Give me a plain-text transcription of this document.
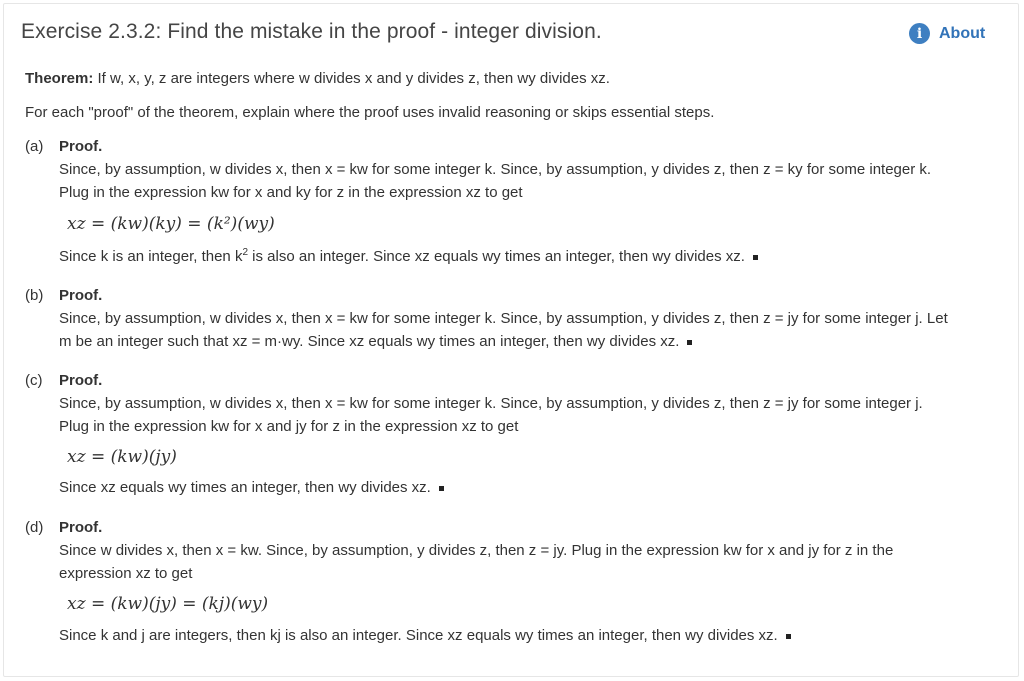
Exercise 2.3.2: Find the mistake in the proof - integer division.	i	About
Theorem: If w, x, y, z are integers where w divides x and y divides z, then wy divides xz.
For each "proof" of the theorem, explain where the proof uses invalid reasoning or skips essential steps.
(a) Proof.
Since, by assumption, w divides x, then x = kw for some integer k. Since, by assumption, y divides z, then z = ky for some integer k.
Plug in the expression kw for x and ky for z in the expression xz to get
xz = (kw)(ky) = (k²)(wy)
Since k is an integer, then $k^2$ is also an integer. Since xz equals wy times an integer, then wy divides xz.
(b) Proof.
Since, by assumption, w divides x, then x = kw for some integer k. Since, by assumption, y divides z, then z = jy for some integer j. Let
m be an integer such that xz = m·wy. Since xz equals wy times an integer, then wy divides xz.
(c) Proof.
Since, by assumption, w divides x, then x = kw for some integer k. Since, by assumption, y divides z, then z = jy for some integer j.
Plug in the expression kw for x and jy for z in the expression xz to get
xz = (kw)(jy)
Since xz equals wy times an integer, then wy divides xz.
(d) Proof.
Since w divides x, then x = kw. Since, by assumption, y divides z, then z = jy. Plug in the expression kw for x and jy for z in the
expression xz to get
xz = (kw)(jy) = (kj)(wy)
Since k and j are integers, then kj is also an integer. Since xz equals wy times an integer, then wy divides xz.
